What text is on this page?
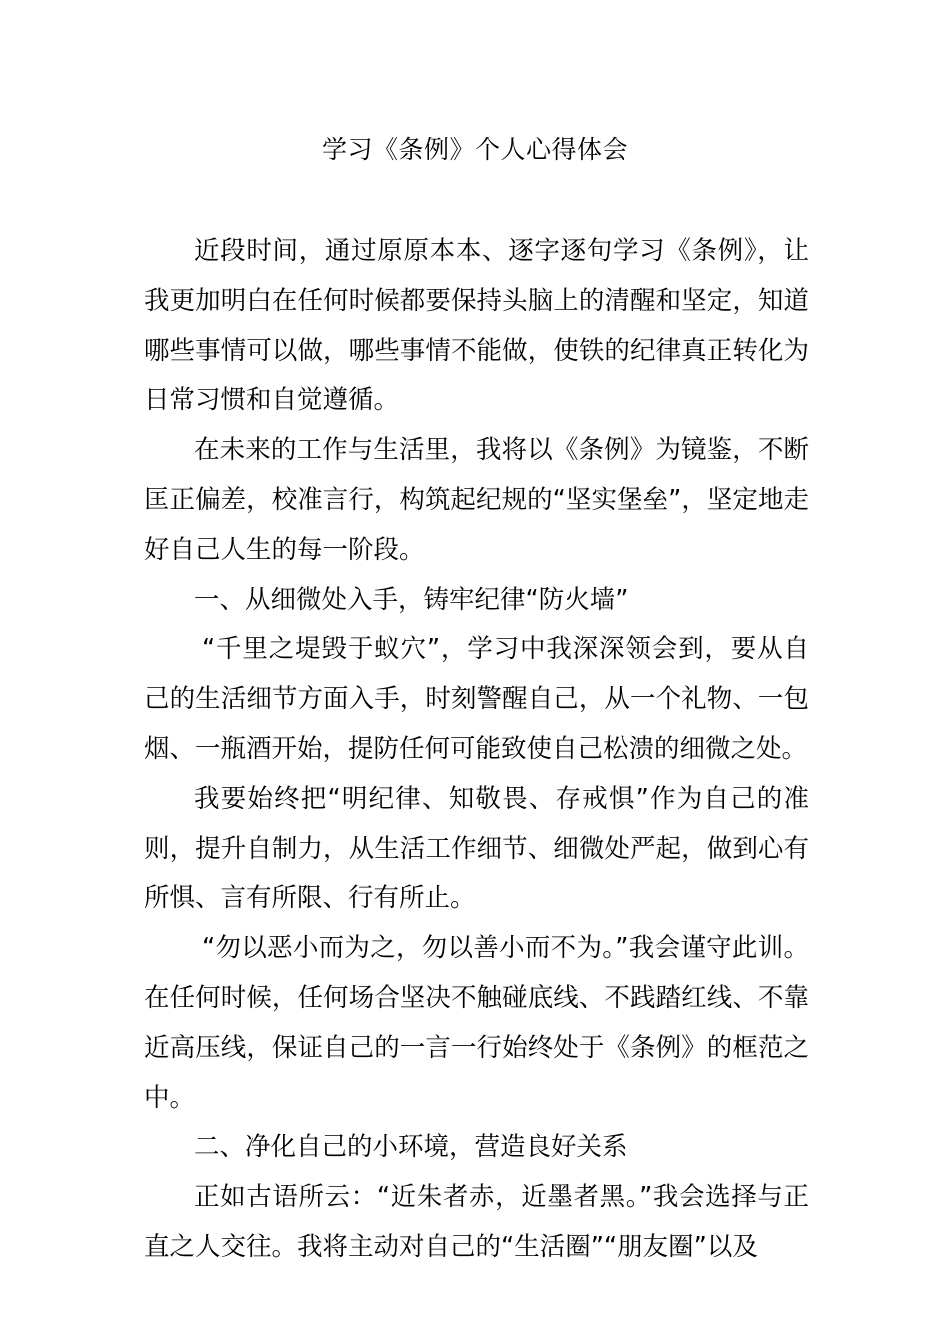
学习《条例》个人心得体会

近段时间，通过原原本本、逐字逐句学习《条例》，让我更加明白在任何时候都要保持头脑上的清醒和坚定，知道哪些事情可以做，哪些事情不能做，使铁的纪律真正转化为日常习惯和自觉遵循。

在未来的工作与生活里，我将以《条例》为镜鉴，不断匡正偏差，校准言行，构筑起纪规的“坚实堡垒”，坚定地走好自己人生的每一阶段。

一、从细微处入手，铸牢纪律“防火墙”

“千里之堤毁于蚁穴”，学习中我深深领会到，要从自己的生活细节方面入手，时刻警醒自己，从一个礼物、一包烟、一瓶酒开始，提防任何可能致使自己松溃的细微之处。

我要始终把“明纪律、知敬畏、存戒惧”作为自己的准则，提升自制力，从生活工作细节、细微处严起，做到心有所惧、言有所限、行有所止。

“勿以恶小而为之，勿以善小而不为。”我会谨守此训。在任何时候，任何场合坚决不触碰底线、不践踏红线、不靠近高压线，保证自己的一言一行始终处于《条例》的框范之中。

二、净化自己的小环境，营造良好关系

正如古语所云：“近朱者赤，近墨者黑。”我会选择与正直之人交往。我将主动对自己的“生活圈”“朋友圈”以及
